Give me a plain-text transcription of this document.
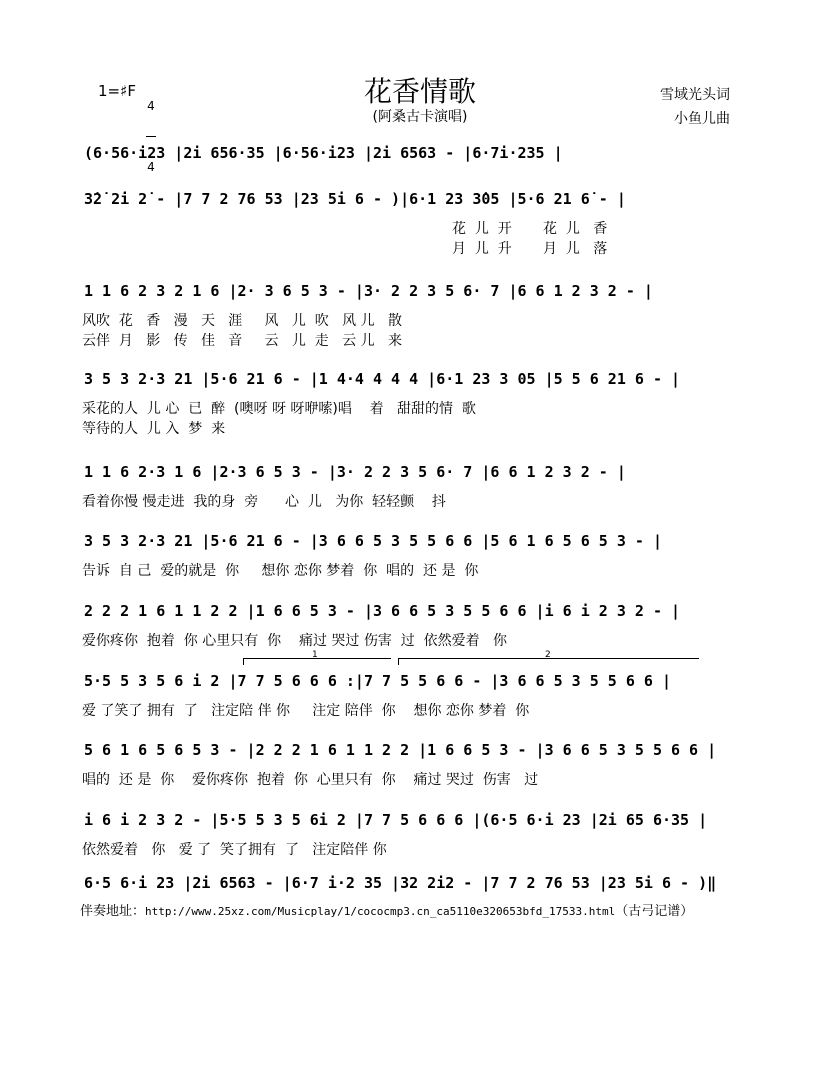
1=♯F

4

4

花香情歌
(阿桑古卡演唱)
雪域光头词
小鱼儿曲
(6·56·i23 |2i 656·35 |6·56·i23 |2i 6563 - |6·7i·235 |
3̇2̇ 2̇i 2̇ - |7 7 2 76 53 |23 5i 6 - )|6·1 23 3̇05 |5·6 21 6̇ - |
花  儿  开       花  儿   香
月  儿  升       月  儿   落
1 1 6 2 3 2 1 6 |2· 3 6 5 3 - |3· 2 2 3 5 6· 7 |6 6 1 2 3 2 - |
风吹  花   香   漫   天   涯     风   儿  吹   风 儿   散
云伴  月   影   传   佳   音     云   儿  走   云 儿   来
3 5 3 2·3 21 |5·6 21 6 - |1 4·4 4 4 4 |6·1 23 3 05 |5 5 6 21 6 - |
采花的人  儿 心  已  醉  (噢呀 呀 呀咿嗦)唱    着   甜甜的情  歌
等待的人  儿 入  梦  来
1 1 6 2·3 1 6 |2·3 6 5 3 - |3· 2 2 3 5 6· 7 |6 6 1 2 3 2 - |
看着你慢 慢走进  我的身  旁      心  儿   为你  轻轻颤    抖
3 5 3 2·3 21 |5·6 21 6 - |3 6 6 5 3 5 5 6 6 |5 6 1 6 5 6 5 3 - |
告诉  自 己  爱的就是  你     想你 恋你 梦着  你  唱的  还 是  你
2 2 2 1 6 1 1 2 2 |1 6 6 5 3 - |3 6 6 5 3 5 5 6 6 |i 6 i 2 3 2 - |
爱你疼你  抱着  你 心里只有  你    痛过 哭过 伤害  过  依然爱着   你
5·5 5 3 5 6 i 2 |7 7 5 6 6 6 :|7 7 5 5 6 6 - |3 6 6 5 3 5 5 6 6 |
爱 了笑了 拥有  了   注定陪 伴 你     注定 陪伴  你    想你 恋你 梦着  你
5 6 1 6 5 6 5 3 - |2 2 2 1 6 1 1 2 2 |1 6 6 5 3 - |3 6 6 5 3 5 5 6 6 |
唱的  还 是  你    爱你疼你  抱着  你  心里只有  你    痛过 哭过  伤害   过
i 6 i 2 3 2 - |5·5 5 3 5 6i 2 |7 7 5 6 6 6 |(6·5 6·i 23 |2i 65 6·35 |
依然爱着   你   爱 了  笑了拥有  了   注定陪伴 你
6·5 6·i 23 |2i 6563 - |6·7 i·2 35 |32 2i2 - |7 7 2 76 53 |23 5i 6 - )‖
1	2
伴奏地址：http://www.25xz.com/Musicplay/1/cococmp3.cn_ca5110e320653bfd_17533.html（古弓记谱）
